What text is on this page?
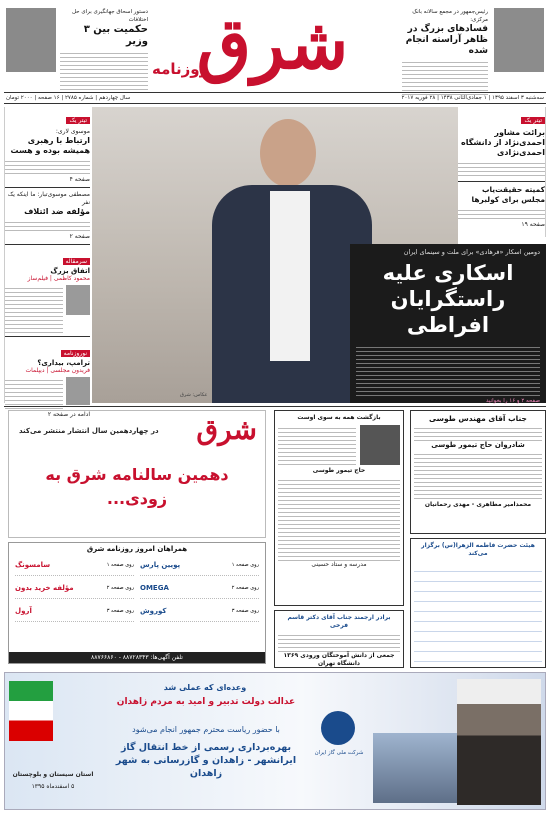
رئیس‌جمهور در مجمع سالانه بانک مرکزی:
فسادهای بزرگ در ظاهر آراسته انجام شده
شرق
روزنامه
دستور اسحاق جهانگیری برای حل اختلافات
حکمیت بین ۳ وزیر
سه‌شنبه ۳ اسفند ۱۳۹۵ | ۱ جمادی‌الثانی ۱۴۳۸ | ۲۸ فوریه ۲۰۱۷
سال چهاردهم | شماره ۲۷۸۵ | ۱۶ صفحه | ۲۰۰۰ تومان
تیتر یک
موسوی لاری:
ارتباط با رهبری همیشه بوده و هست
صفحه ۴
مصطفی موسوی‌تبار: ما اینکه یک نفر
مؤلفه ضد ائتلاف
صفحه ۲
سرمقاله
اتفاق بزرگ
محمود کاظمی | فیلم‌ساز
نوروزنامه
ترامپ، بیداری؟
فریدون مجلسی | دیپلمات
ادامه در صفحه ۲
تیتر یک
برائت مشاور احمدی‌نژاد از دانشگاه احمدی‌نژادی
کمیته حقیقت‌یاب مجلس برای کولبرها
صفحه ۱۹
عکاس: شرق
دومین اسکار «فرهادی» برای ملت و سینمای ایران
اسکاری علیه راستگرایان افراطی
صفحه ۲ و ۱۶ را بخوانید
شرق
در چهاردهمین سال انتشار منتشر می‌کند
دهمین سالنامه شرق به زودی...
همراهان امروز روزنامه شرق
روی صفحه ۱
پویین پارس
روی صفحه ۱
سامسونگ
روی صفحه ۲
OMEGA
روی صفحه ۲
مؤلفه خرید بدون
روی صفحه ۳
کوروش
روی صفحه ۳
آرول
تلفن آگهی‌ها: ۸۸۷۲۸۳۴۳ - ۸۸۷۶۶۸۶۰
بازگشت همه به سوی اوست
حاج تیمور طوسی
مدرسه و ستاد حسینی
جناب آقای مهندس طوسی
شادروان حاج تیمور طوسی
محمدامیر مطاهری - مهدی رحمانیان
هیئت حضرت فاطمه الزهرا(س) برگزار می‌کند
برادر ارجمند جناب آقای دکتر قاسم فرخی
جمعی از دانش آموختگان ورودی ۱۳۶۹ دانشگاه تهران
استان سیستان و بلوچستان
۵ اسفندماه ۱۳۹۵
وعده‌ای که عملی شد
عدالت دولت تدبیر و امید به مردم زاهدان
با حضور ریاست محترم جمهور انجام می‌شود
بهره‌برداری رسمی از خط انتقال گاز ایرانشهر - زاهدان و گازرسانی به شهر زاهدان
شرکت ملی گاز ایران
